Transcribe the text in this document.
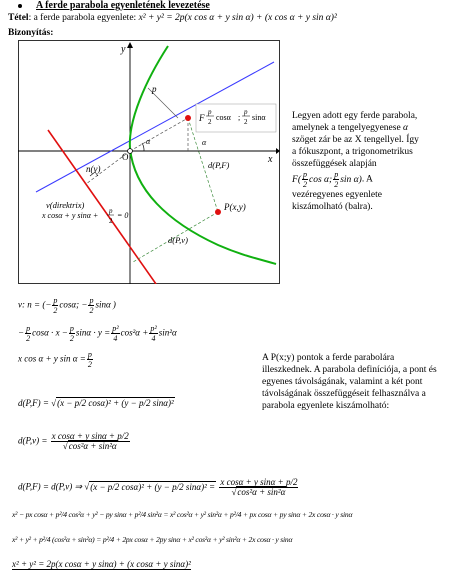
A ferde parabola egyenletének levezetése
Tétel: a ferde parabola egyenlete: x² + y² = 2p(x cos α + y sin α) + (x cos α + y sin α)²
Bizonyítás:
x
y
O
p
α	α
F
p
2 cosα ;
p
2 sinα
n(v)
v(direktrix)
x cosα + y sinα + p
2
= 0
d(P,F)
P(x,y)
d(P,v)
Legyen adott egy ferde parabola, amelynek a tengelyegyenese α szöget zár be az X tengellyel. Így a fókuszpont, a trigonometrikus összefüggések alapján $F( \frac{p}{2}$ cos α; $\frac{p}{2}$ sin α). A vezéregyenes egyenlete kiszámolható (balra).
v: n = (− $\frac{p}{2} \cos\alpha$; − $\frac{p}{2}$ sinα )
− $\frac{p}{2}$ $\cos\alpha \cdot x - \frac{p}{2}$ $\sin\alpha \cdot y = \frac{\text{p²}}{4} \cos^2\alpha + \frac{\text{p²}}{4} \sin^2\alpha$
x cos α + y $\sin \alpha = \frac{p}{2}$	A P(x;y) pontok a ferde parabolára illeszkednek. A parabola definíciója, a pont és egyenes távolságának, valamint a két pont távolságának összefüggéseit felhasználva a parabola egyenlete kiszámolható:
d(P,F) = √(x − p/2 cosα)² + (y − p/2 sinα)²
$d(P,v) = \frac{\text{x cosα + y sinα + p/2}}{\text{√cos²α + sin²α}}$
d(P,F) = d(P,v) ⇒ √(x − p/2 cosα)² + (y − p/2 $\sin\alpha)^2 = \frac{\text{x cosα + y sinα + p/2}}{\text{√cos²α + sin²α}}$
x² − px cosα + p²/4 cos²α + y² − py sinα + p²/4 sin²α = x² cos²α + y² sin²α + p²/4 + px cosα + py sinα + 2x cosα · y sinα
x² + y² + p²/4 (cos²α + sin²α) = p²/4 + 2px cosα + 2py sinα + x² cos²α + y² sin²α + 2x cosα · y sinα
x² + y² = 2p(x cosα + y sinα) + (x cosα + y sinα)²
